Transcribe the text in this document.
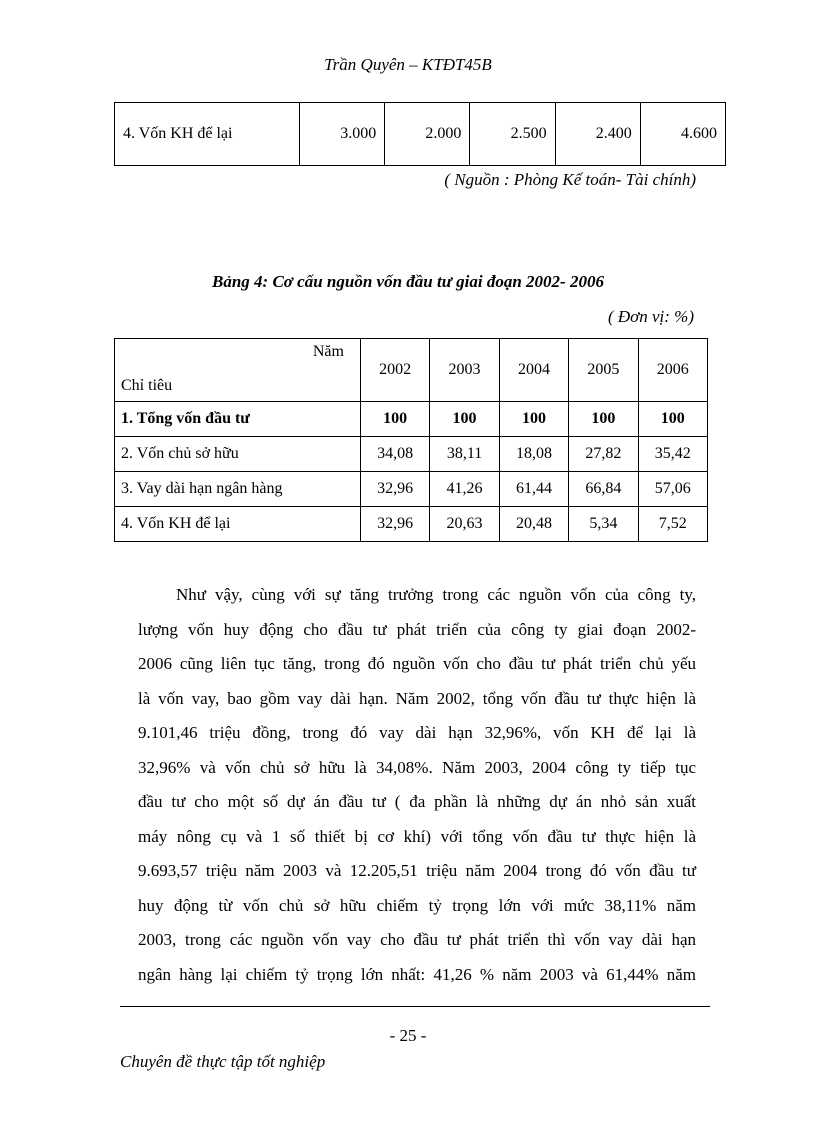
Trần Quyên – KTĐT45B
4. Vốn KH để lại	3.000	2.000	2.500	2.400	4.600
( Nguồn : Phòng Kế toán- Tài chính)
Bảng 4: Cơ cấu nguồn vốn đầu tư giai đoạn 2002- 2006
( Đơn vị: %)
Năm
Chỉ tiêu	2002	2003	2004	2005	2006
1. Tổng vốn đầu tư	100	100	100	100	100
2. Vốn chủ sở hữu	34,08	38,11	18,08	27,82	35,42
3. Vay dài hạn ngân hàng	32,96	41,26	61,44	66,84	57,06
4. Vốn KH để lại	32,96	20,63	20,48	5,34	7,52
Như vậy, cùng với sự tăng trưởng trong các nguồn vốn của công ty,
lượng vốn huy động cho đầu tư phát triển của công ty giai đoạn 2002-
2006 cũng liên tục tăng, trong đó nguồn vốn cho đầu tư phát triển chủ yếu
là vốn vay, bao gồm vay dài hạn. Năm 2002, tổng vốn đầu tư thực hiện là
9.101,46 triệu đồng, trong đó vay dài hạn 32,96%, vốn KH để lại là
32,96% và vốn chủ sở hữu là 34,08%. Năm 2003, 2004 công ty tiếp tục
đầu tư cho một số dự án đầu tư ( đa phần là những dự án nhỏ sản xuất
máy nông cụ và 1 số thiết bị cơ khí) với tổng vốn đầu tư thực hiện là
9.693,57 triệu năm 2003 và 12.205,51 triệu năm 2004 trong đó vốn đầu tư
huy động từ vốn chủ sở hữu chiếm tỷ trọng lớn với mức 38,11% năm
2003, trong các nguồn vốn vay cho đầu tư phát triển thì vốn vay dài hạn
ngân hàng lại chiếm tỷ trọng lớn nhất: 41,26 % năm 2003 và 61,44% năm
- 25 -
Chuyên đề thực tập tốt nghiệp
